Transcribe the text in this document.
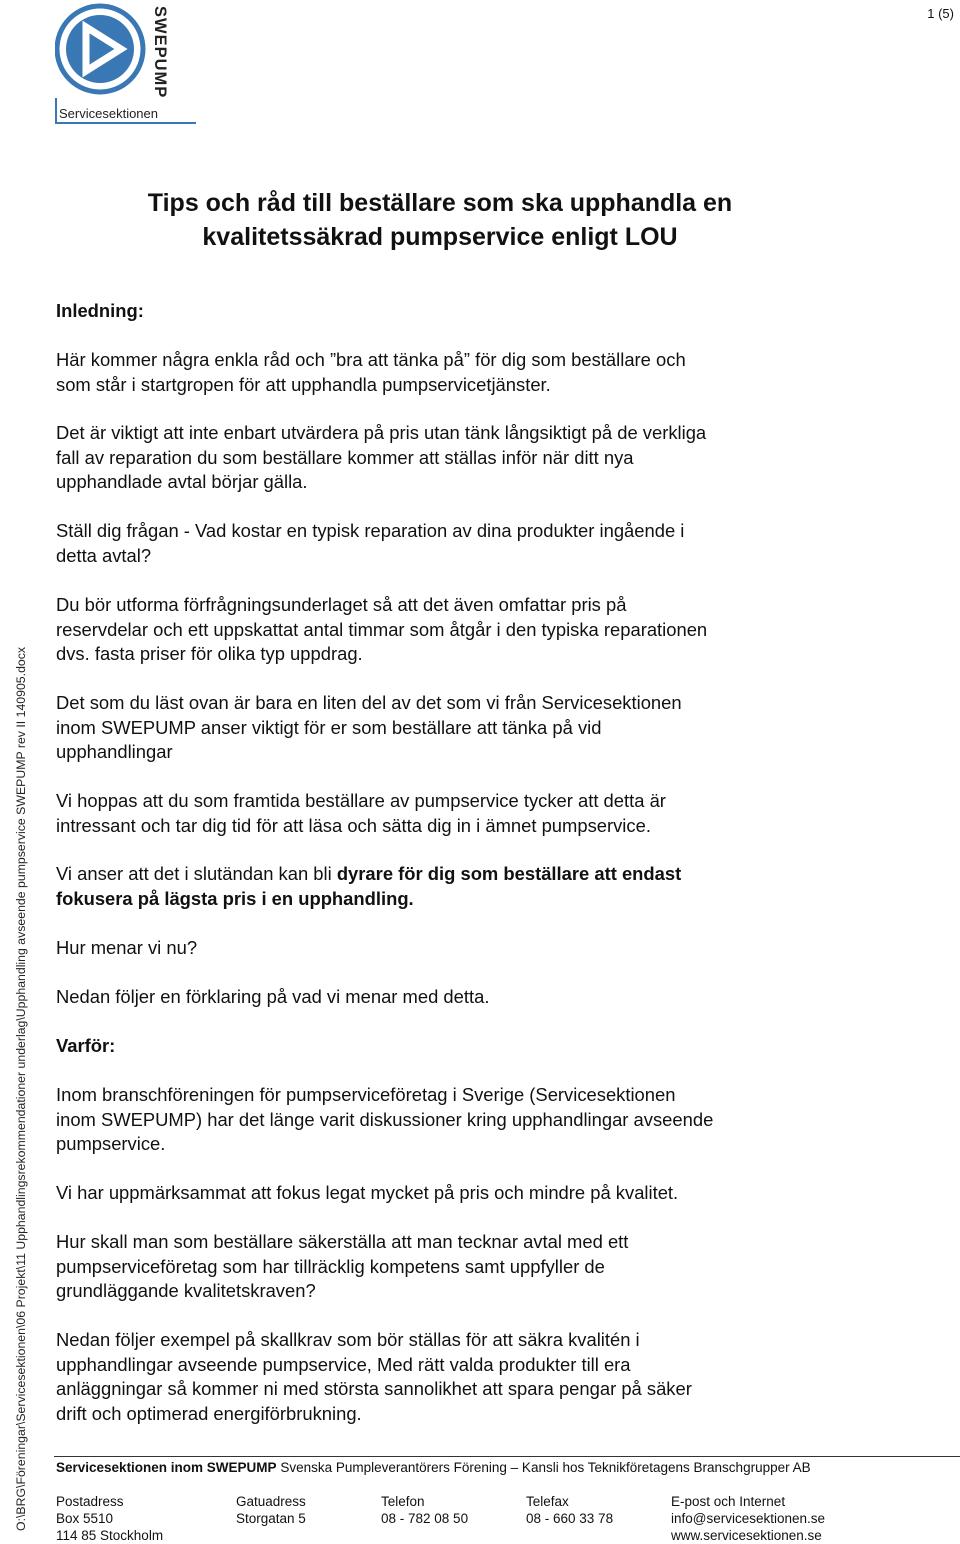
1 (5)
SWEPUMP
Servicesektionen
Tips och råd till beställare som ska upphandla en
kvalitetssäkrad pumpservice enligt LOU
Inledning:
Här kommer några enkla råd och ”bra att tänka på” för dig som beställare och
som står i startgropen för att upphandla pumpservicetjänster.
Det är viktigt att inte enbart utvärdera på pris utan tänk långsiktigt på de verkliga
fall av reparation du som beställare kommer att ställas inför när ditt nya
upphandlade avtal börjar gälla.
Ställ dig frågan - Vad kostar en typisk reparation av dina produkter ingående i
detta avtal?
Du bör utforma förfrågningsunderlaget så att det även omfattar pris på
reservdelar och ett uppskattat antal timmar som åtgår i den typiska reparationen
dvs. fasta priser för olika typ uppdrag.
Det som du läst ovan är bara en liten del av det som vi från Servicesektionen
inom SWEPUMP anser viktigt för er som beställare att tänka på vid
upphandlingar
Vi hoppas att du som framtida beställare av pumpservice tycker att detta är
intressant och tar dig tid för att läsa och sätta dig in i ämnet pumpservice.
Vi anser att det i slutändan kan bli dyrare för dig som beställare att endast
fokusera på lägsta pris i en upphandling.
Hur menar vi nu?
Nedan följer en förklaring på vad vi menar med detta.
Varför:
Inom branschföreningen för pumpserviceföretag i Sverige (Servicesektionen
inom SWEPUMP) har det länge varit diskussioner kring upphandlingar avseende
pumpservice.
Vi har uppmärksammat att fokus legat mycket på pris och mindre på kvalitet.
Hur skall man som beställare säkerställa att man tecknar avtal med ett
pumpserviceföretag som har tillräcklig kompetens samt uppfyller de
grundläggande kvalitetskraven?
Nedan följer exempel på skallkrav som bör ställas för att säkra kvalitén i
upphandlingar avseende pumpservice, Med rätt valda produkter till era
anläggningar så kommer ni med största sannolikhet att spara pengar på säker
drift och optimerad energiförbrukning.
O:\BRG\Föreningar\Servicesektionen\06 Projekt\11 Upphandlingsrekommendationer underlag\Upphandling avseende pumpservice SWEPUMP rev II 140905.docx Servicesektionen inom SWEPUMP Svenska Pumpleverantörers Förening – Kansli hos Teknikföretagens Branschgrupper AB
Postadress
Box 5510
114 85 Stockholm
Gatuadress
Storgatan 5
Telefon
08 - 782 08 50
Telefax
08 - 660 33 78
E-post och Internet
info@servicesektionen.se
www.servicesektionen.se
